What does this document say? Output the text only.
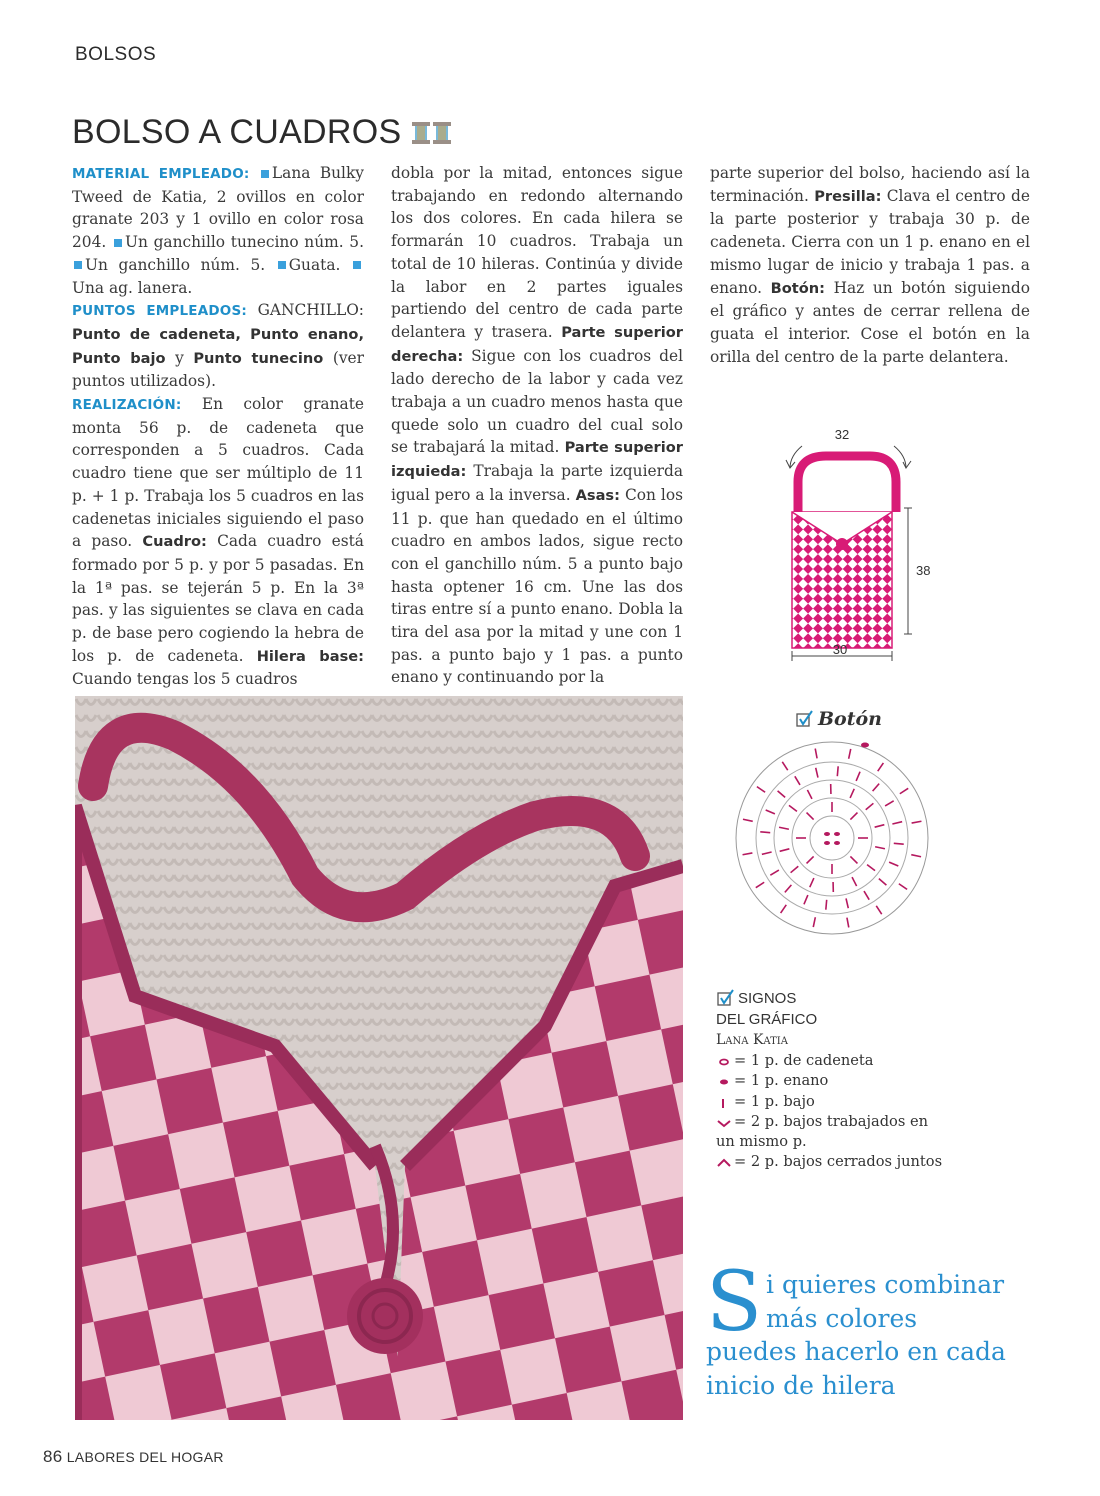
BOLSOS
BOLSO A CUADROS

MATERIAL EMPLEADO: Lana Bulky Tweed de Katia, 2 ovillos en color granate 203 y 1 ovillo en color rosa 204. Un ganchillo tunecino núm. 5. Un ganchillo núm. 5. Guata. Una ag. lanera.

PUNTOS EMPLEADOS: GANCHILLO: Punto de cadeneta, Punto enano, Punto bajo y Punto tunecino (ver puntos utilizados).

REALIZACIÓN: En color granate monta 56 p. de cadeneta que corresponden a 5 cuadros. Cada cuadro tiene que ser múltiplo de 11 p. + 1 p. Trabaja los 5 cuadros en las cadenetas iniciales siguiendo el paso a paso. Cuadro: Cada cuadro está formado por 5 p. y por 5 pasadas. En la 1ª pas. se tejerán 5 p. En la 3ª pas. y las siguientes se clava en cada p. de base pero cogiendo la hebra de los p. de cadeneta. Hilera base: Cuando tengas los 5 cuadros

dobla por la mitad, entonces sigue trabajando en redondo alternando los dos colores. En cada hilera se formarán 10 cuadros. Trabaja un total de 10 hileras. Continúa y divide la labor en 2 partes iguales partiendo del centro de cada parte delantera y trasera. Parte superior derecha: Sigue con los cuadros del lado derecho de la labor y cada vez trabaja a un cuadro menos hasta que quede solo un cuadro del cual solo se trabajará la mitad. Parte superior izquieda: Trabaja la parte izquierda igual pero a la inversa. Asas: Con los 11 p. que han quedado en el último cuadro en ambos lados, sigue recto con el ganchillo núm. 5 a punto bajo hasta optener 16 cm. Une las dos tiras entre sí a punto enano. Dobla la tira del asa por la mitad y une con 1 pas. a punto bajo y 1 pas. a punto enano y continuando por la

parte superior del bolso, haciendo así la terminación. Presilla: Clava el centro de la parte posterior y trabaja 30 p. de cadeneta. Cierra con un 1 p. enano en el mismo lugar de inicio y trabaja 1 pas. a enano. Botón: Haz un botón siguiendo el gráfico y antes de cerrar rellena de guata el interior. Cose el botón en la orilla del centro de la parte delantera.

32
38
30
Botón
SIGNOS
DEL GRÁFICO
Lana Katia
= 1 p. de cadeneta
= 1 p. enano
= 1 p. bajo
= 2 p. bajos trabajados en
un mismo p.
= 2 p. bajos cerrados juntos
S i quieres combinar
más colores
puedes hacerlo en cada
inicio de hilera
86 LABORES DEL HOGAR
